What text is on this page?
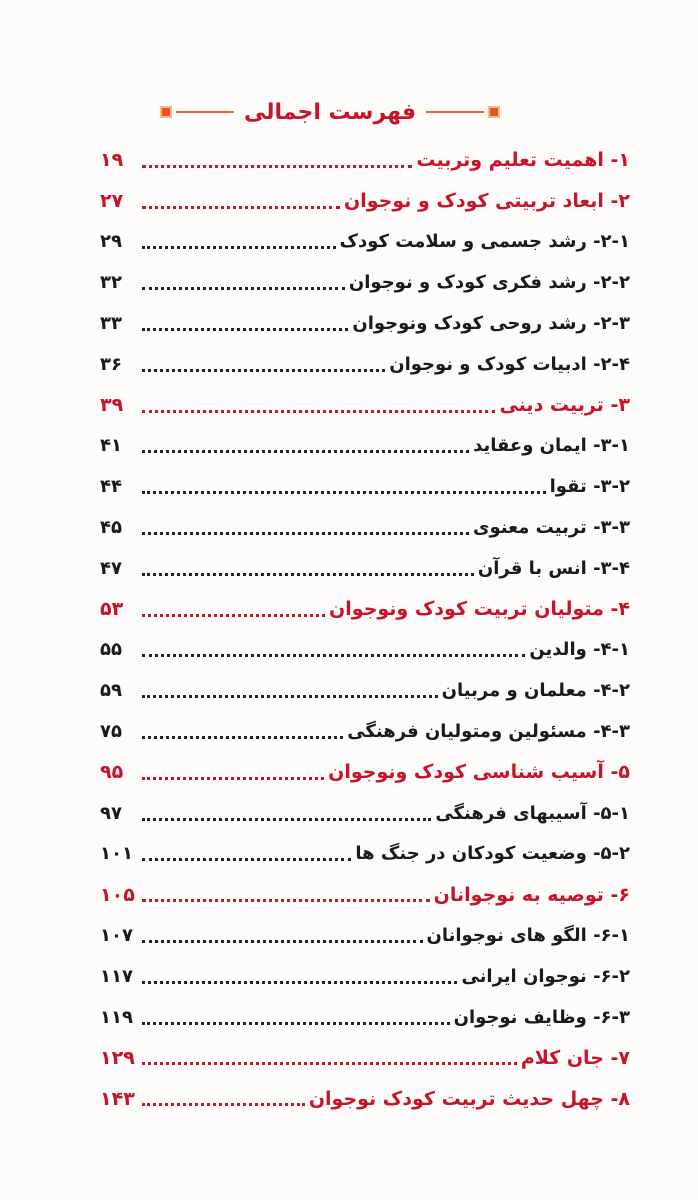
فهرست اجمالی
۱- اهمیت تعلیم وتربیت
۱۹
۲- ابعاد تربیتی کودک و نوجوان
۲۷
۲-۱- رشد جسمی و سلامت کودک
۲۹
۲-۲- رشد فکری کودک و نوجوان
۳۲
۲-۳- رشد روحی کودک ونوجوان
۳۳
۲-۴- ادبیات کودک و نوجوان
۳۶
۳- تربیت دینی
۳۹
۳-۱- ایمان وعقاید
۴۱
۳-۲- تقوا
۴۴
۳-۳- تربیت معنوی
۴۵
۳-۴- انس با قرآن
۴۷
۴- متولیان تربیت کودک ونوجوان
۵۳
۴-۱- والدین
۵۵
۴-۲- معلمان و مربیان
۵۹
۴-۳- مسئولین ومتولیان فرهنگی
۷۵
۵- آسیب شناسی کودک ونوجوان
۹۵
۵-۱- آسیبهای فرهنگی
۹۷
۵-۲- وضعیت کودکان در جنگ ها
۱۰۱
۶- توصیه به نوجوانان
۱۰۵
۶-۱- الگو های نوجوانان
۱۰۷
۶-۲- نوجوان ایرانی
۱۱۷
۶-۳- وظایف نوجوان
۱۱۹
۷- جان کلام
۱۲۹
۸- چهل حدیث تربیت کودک نوجوان
۱۴۳
